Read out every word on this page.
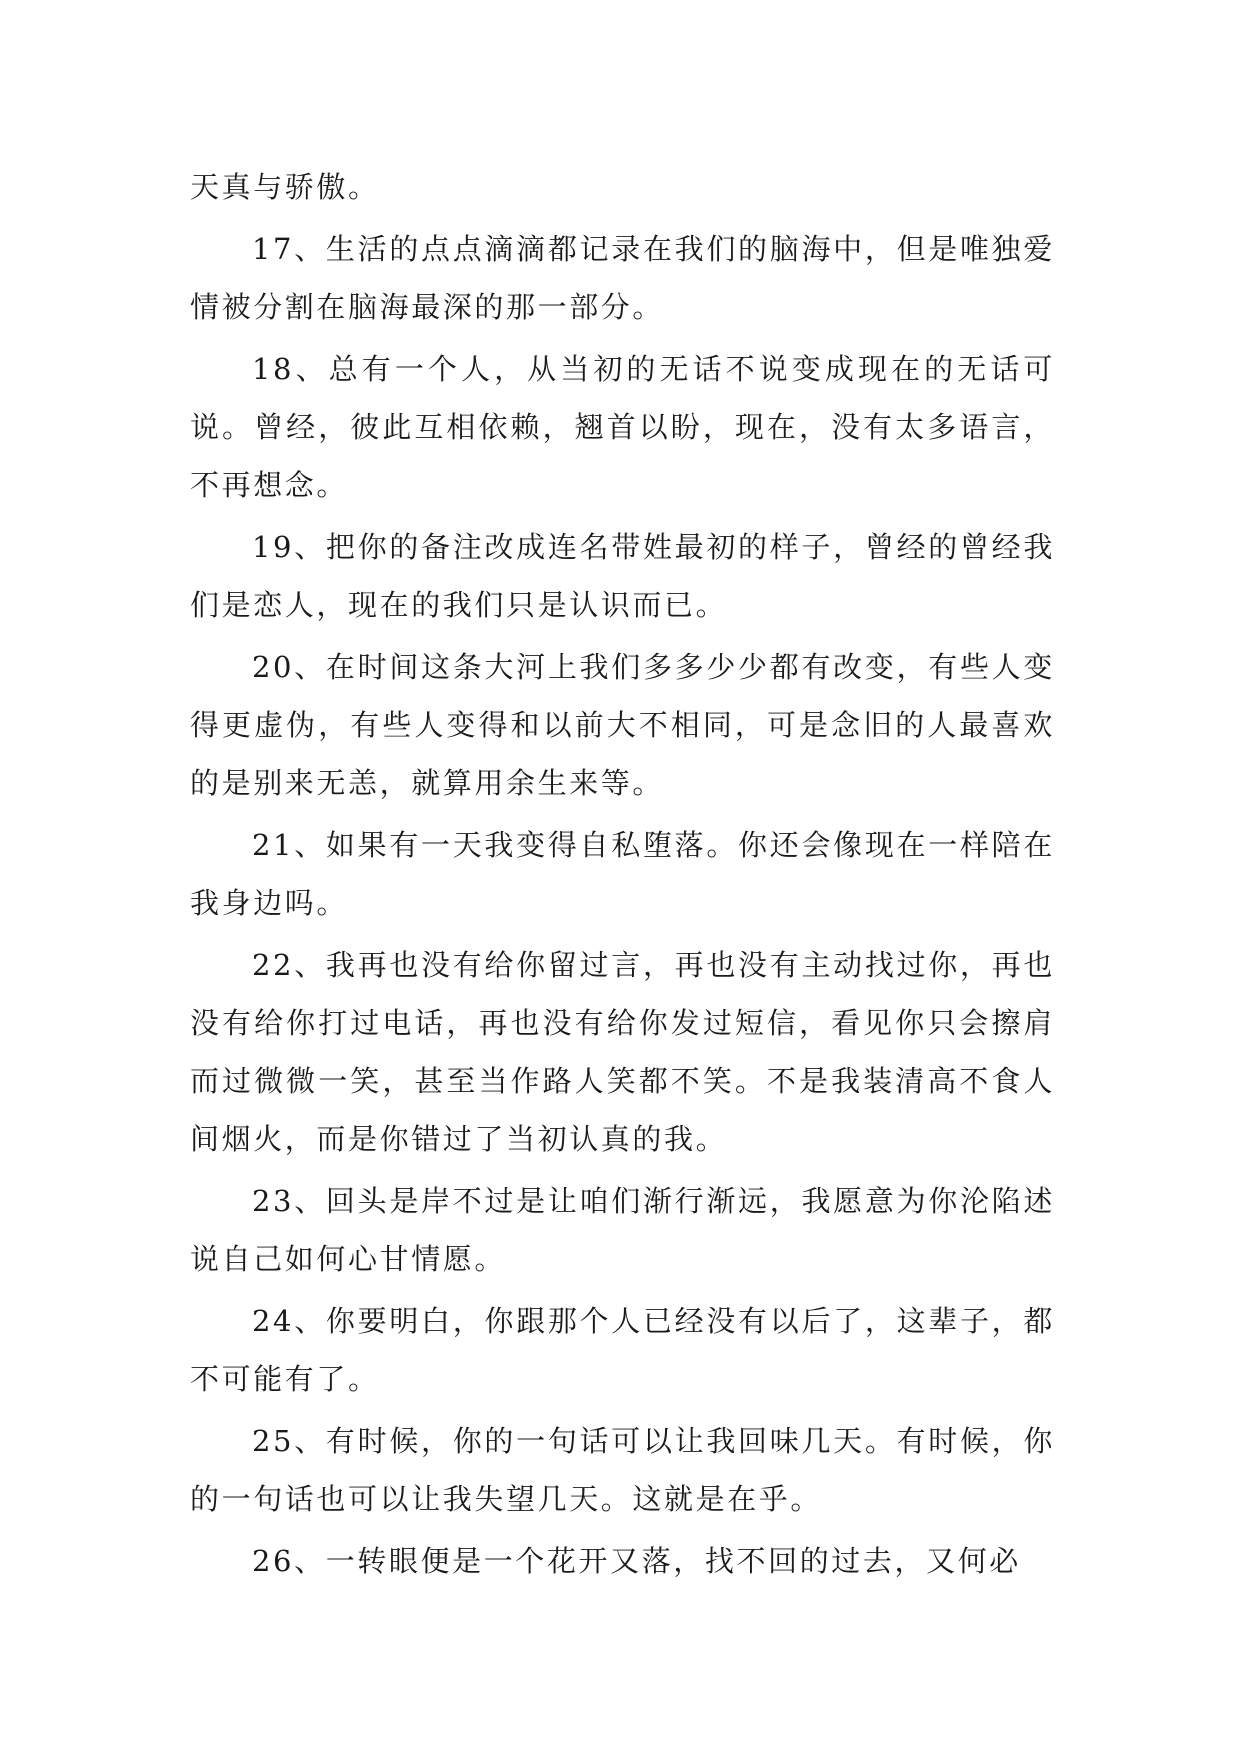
天真与骄傲。

17、生活的点点滴滴都记录在我们的脑海中，但是唯独爱情被分割在脑海最深的那一部分。

18、总有一个人，从当初的无话不说变成现在的无话可说。曾经，彼此互相依赖，翘首以盼，现在，没有太多语言，不再想念。

19、把你的备注改成连名带姓最初的样子，曾经的曾经我们是恋人，现在的我们只是认识而已。

20、在时间这条大河上我们多多少少都有改变，有些人变得更虚伪，有些人变得和以前大不相同，可是念旧的人最喜欢的是别来无恙，就算用余生来等。

21、如果有一天我变得自私堕落。你还会像现在一样陪在我身边吗。

22、我再也没有给你留过言，再也没有主动找过你，再也没有给你打过电话，再也没有给你发过短信，看见你只会擦肩而过微微一笑，甚至当作路人笑都不笑。不是我装清高不食人间烟火，而是你错过了当初认真的我。

23、回头是岸不过是让咱们渐行渐远，我愿意为你沦陷述说自己如何心甘情愿。

24、你要明白，你跟那个人已经没有以后了，这辈子，都不可能有了。

25、有时候，你的一句话可以让我回味几天。有时候，你的一句话也可以让我失望几天。这就是在乎。

26、一转眼便是一个花开又落，找不回的过去，又何必
